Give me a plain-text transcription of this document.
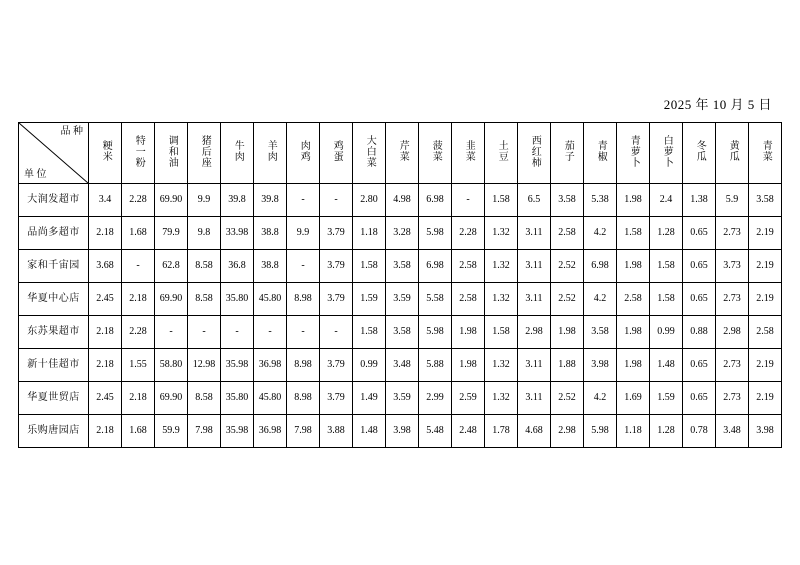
2025 年 10 月 5 日
品 种
单 位	粳米	特一粉	调和油	猪后座	牛肉	羊肉	肉鸡	鸡蛋	大白菜	芹菜	菠菜	韭菜	土豆	西红柿	茄子	青椒	青萝卜	白萝卜	冬瓜	黄瓜	青菜
大润发超市	3.4	2.28	69.90	9.9	39.8	39.8	-	-	2.80	4.98	6.98	-	1.58	6.5	3.58	5.38	1.98	2.4	1.38	5.9	3.58
品尚多超市	2.18	1.68	79.9	9.8	33.98	38.8	9.9	3.79	1.18	3.28	5.98	2.28	1.32	3.11	2.58	4.2	1.58	1.28	0.65	2.73	2.19
家和千宙园	3.68	-	62.8	8.58	36.8	38.8	-	3.79	1.58	3.58	6.98	2.58	1.32	3.11	2.52	6.98	1.98	1.58	0.65	3.73	2.19
华夏中心店	2.45	2.18	69.90	8.58	35.80	45.80	8.98	3.79	1.59	3.59	5.58	2.58	1.32	3.11	2.52	4.2	2.58	1.58	0.65	2.73	2.19
东苏果超市	2.18	2.28	-	-	-	-	-	-	1.58	3.58	5.98	1.98	1.58	2.98	1.98	3.58	1.98	0.99	0.88	2.98	2.58
新十佳超市	2.18	1.55	58.80	12.98	35.98	36.98	8.98	3.79	0.99	3.48	5.88	1.98	1.32	3.11	1.88	3.98	1.98	1.48	0.65	2.73	2.19
华夏世贸店	2.45	2.18	69.90	8.58	35.80	45.80	8.98	3.79	1.49	3.59	2.99	2.59	1.32	3.11	2.52	4.2	1.69	1.59	0.65	2.73	2.19
乐购唐园店	2.18	1.68	59.9	7.98	35.98	36.98	7.98	3.88	1.48	3.98	5.48	2.48	1.78	4.68	2.98	5.98	1.18	1.28	0.78	3.48	3.98
